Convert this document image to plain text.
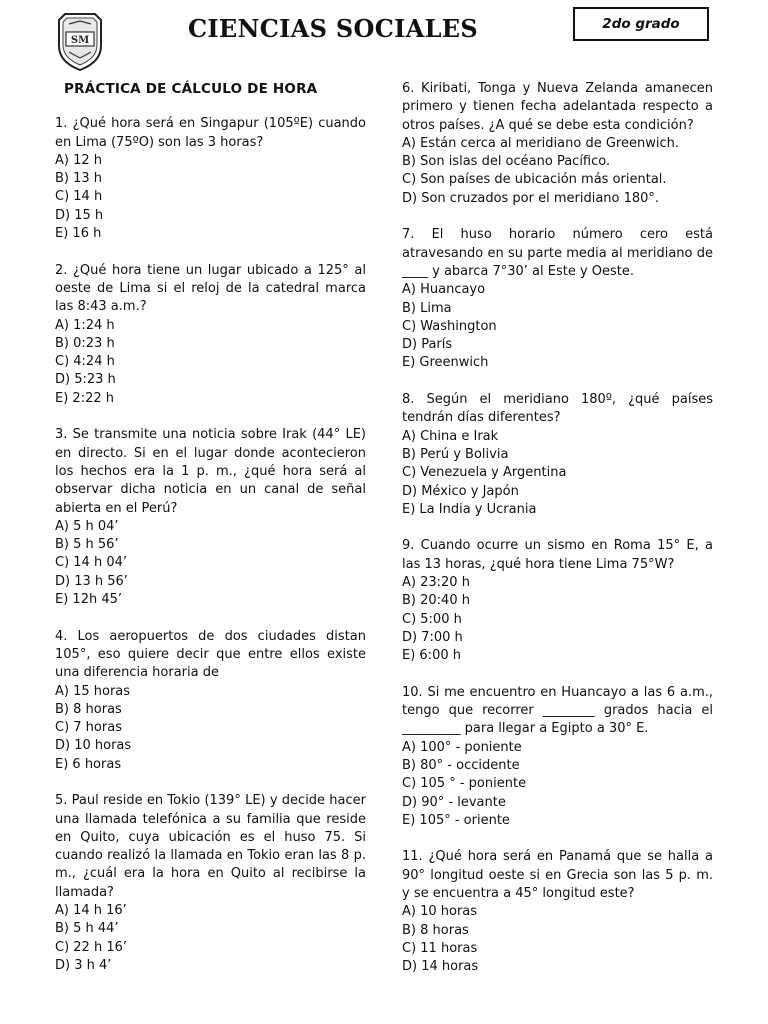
SM	CIENCIAS SOCIALES	2do grado
PRÁCTICA DE CÁLCULO DE HORA

1. ¿Qué hora será en Singapur (105ºE) cuando en Lima (75ºO) son las 3 horas?

A) 12 h
B) 13 h
C) 14 h
D) 15 h
E) 16 h

2. ¿Qué hora tiene un lugar ubicado a 125° al oeste de Lima si el reloj de la catedral marca las 8:43 a.m.?

A) 1:24 h
B) 0:23 h
C) 4:24 h
D) 5:23 h
E) 2:22 h

3. Se transmite una noticia sobre Irak (44° LE) en directo. Si en el lugar donde acontecieron los hechos era la 1 p. m., ¿qué hora será al observar dicha noticia en un canal de señal abierta en el Perú?

A) 5 h 04’
B) 5 h 56’
C) 14 h 04’
D) 13 h 56’
E) 12h 45’

4. Los aeropuertos de dos ciudades distan 105°, eso quiere decir que entre ellos existe una diferencia horaria de

A) 15 horas
B) 8 horas
C) 7 horas
D) 10 horas
E) 6 horas

5. Paul reside en Tokio (139° LE) y decide hacer una llamada telefónica a su familia que reside en Quito, cuya ubicación es el huso 75. Si cuando realizó la llamada en Tokio eran las 8 p. m., ¿cuál era la hora en Quito al recibirse la llamada?

A) 14 h 16’
B) 5 h 44’
C) 22 h 16’
D) 3 h 4’

6. Kiribati, Tonga y Nueva Zelanda amanecen primero y tienen fecha adelantada respecto a otros países. ¿A qué se debe esta condición?

A) Están cerca al meridiano de Greenwich.
B) Son islas del océano Pacífico.
C) Son países de ubicación más oriental.
D) Son cruzados por el meridiano 180°.

7. El huso horario número cero está atravesando en su parte media al meridiano de ____ y abarca 7°30’ al Este y Oeste.

A) Huancayo
B) Lima
C) Washington
D) París
E) Greenwich

8. Según el meridiano 180º, ¿qué países tendrán días diferentes?

A) China e Irak
B) Perú y Bolivia
C) Venezuela y Argentina
D) México y Japón
E) La India y Ucrania

9. Cuando ocurre un sismo en Roma 15° E, a las 13 horas, ¿qué hora tiene Lima 75°W?

A) 23:20 h
B) 20:40 h
C) 5:00 h
D) 7:00 h
E) 6:00 h

10. Si me encuentro en Huancayo a las 6 a.m., tengo que recorrer ________ grados hacia el _________ para llegar a Egipto a 30° E.

A) 100° - poniente
B) 80° - occidente
C) 105 ° - poniente
D) 90° - levante
E) 105° - oriente

11. ¿Qué hora será en Panamá que se halla a 90° longitud oeste si en Grecia son las 5 p. m. y se encuentra a 45° longitud este?

A) 10 horas
B) 8 horas
C) 11 horas
D) 14 horas
